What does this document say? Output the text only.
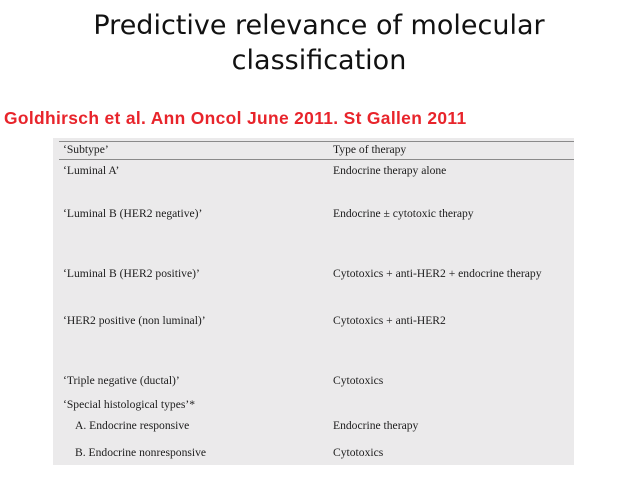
Predictive relevance of molecular
classification
Goldhirsch et al. Ann Oncol June 2011. St Gallen 2011
‘Subtype’	Type of therapy
‘Luminal A’	Endocrine therapy alone
‘Luminal B (HER2 negative)’	Endocrine ± cytotoxic therapy
‘Luminal B (HER2 positive)’	Cytotoxics + anti-HER2 + endocrine therapy
‘HER2 positive (non luminal)’	Cytotoxics + anti-HER2
‘Triple negative (ductal)’	Cytotoxics
‘Special histological types’*
A. Endocrine responsive	Endocrine therapy
B. Endocrine nonresponsive	Cytotoxics
